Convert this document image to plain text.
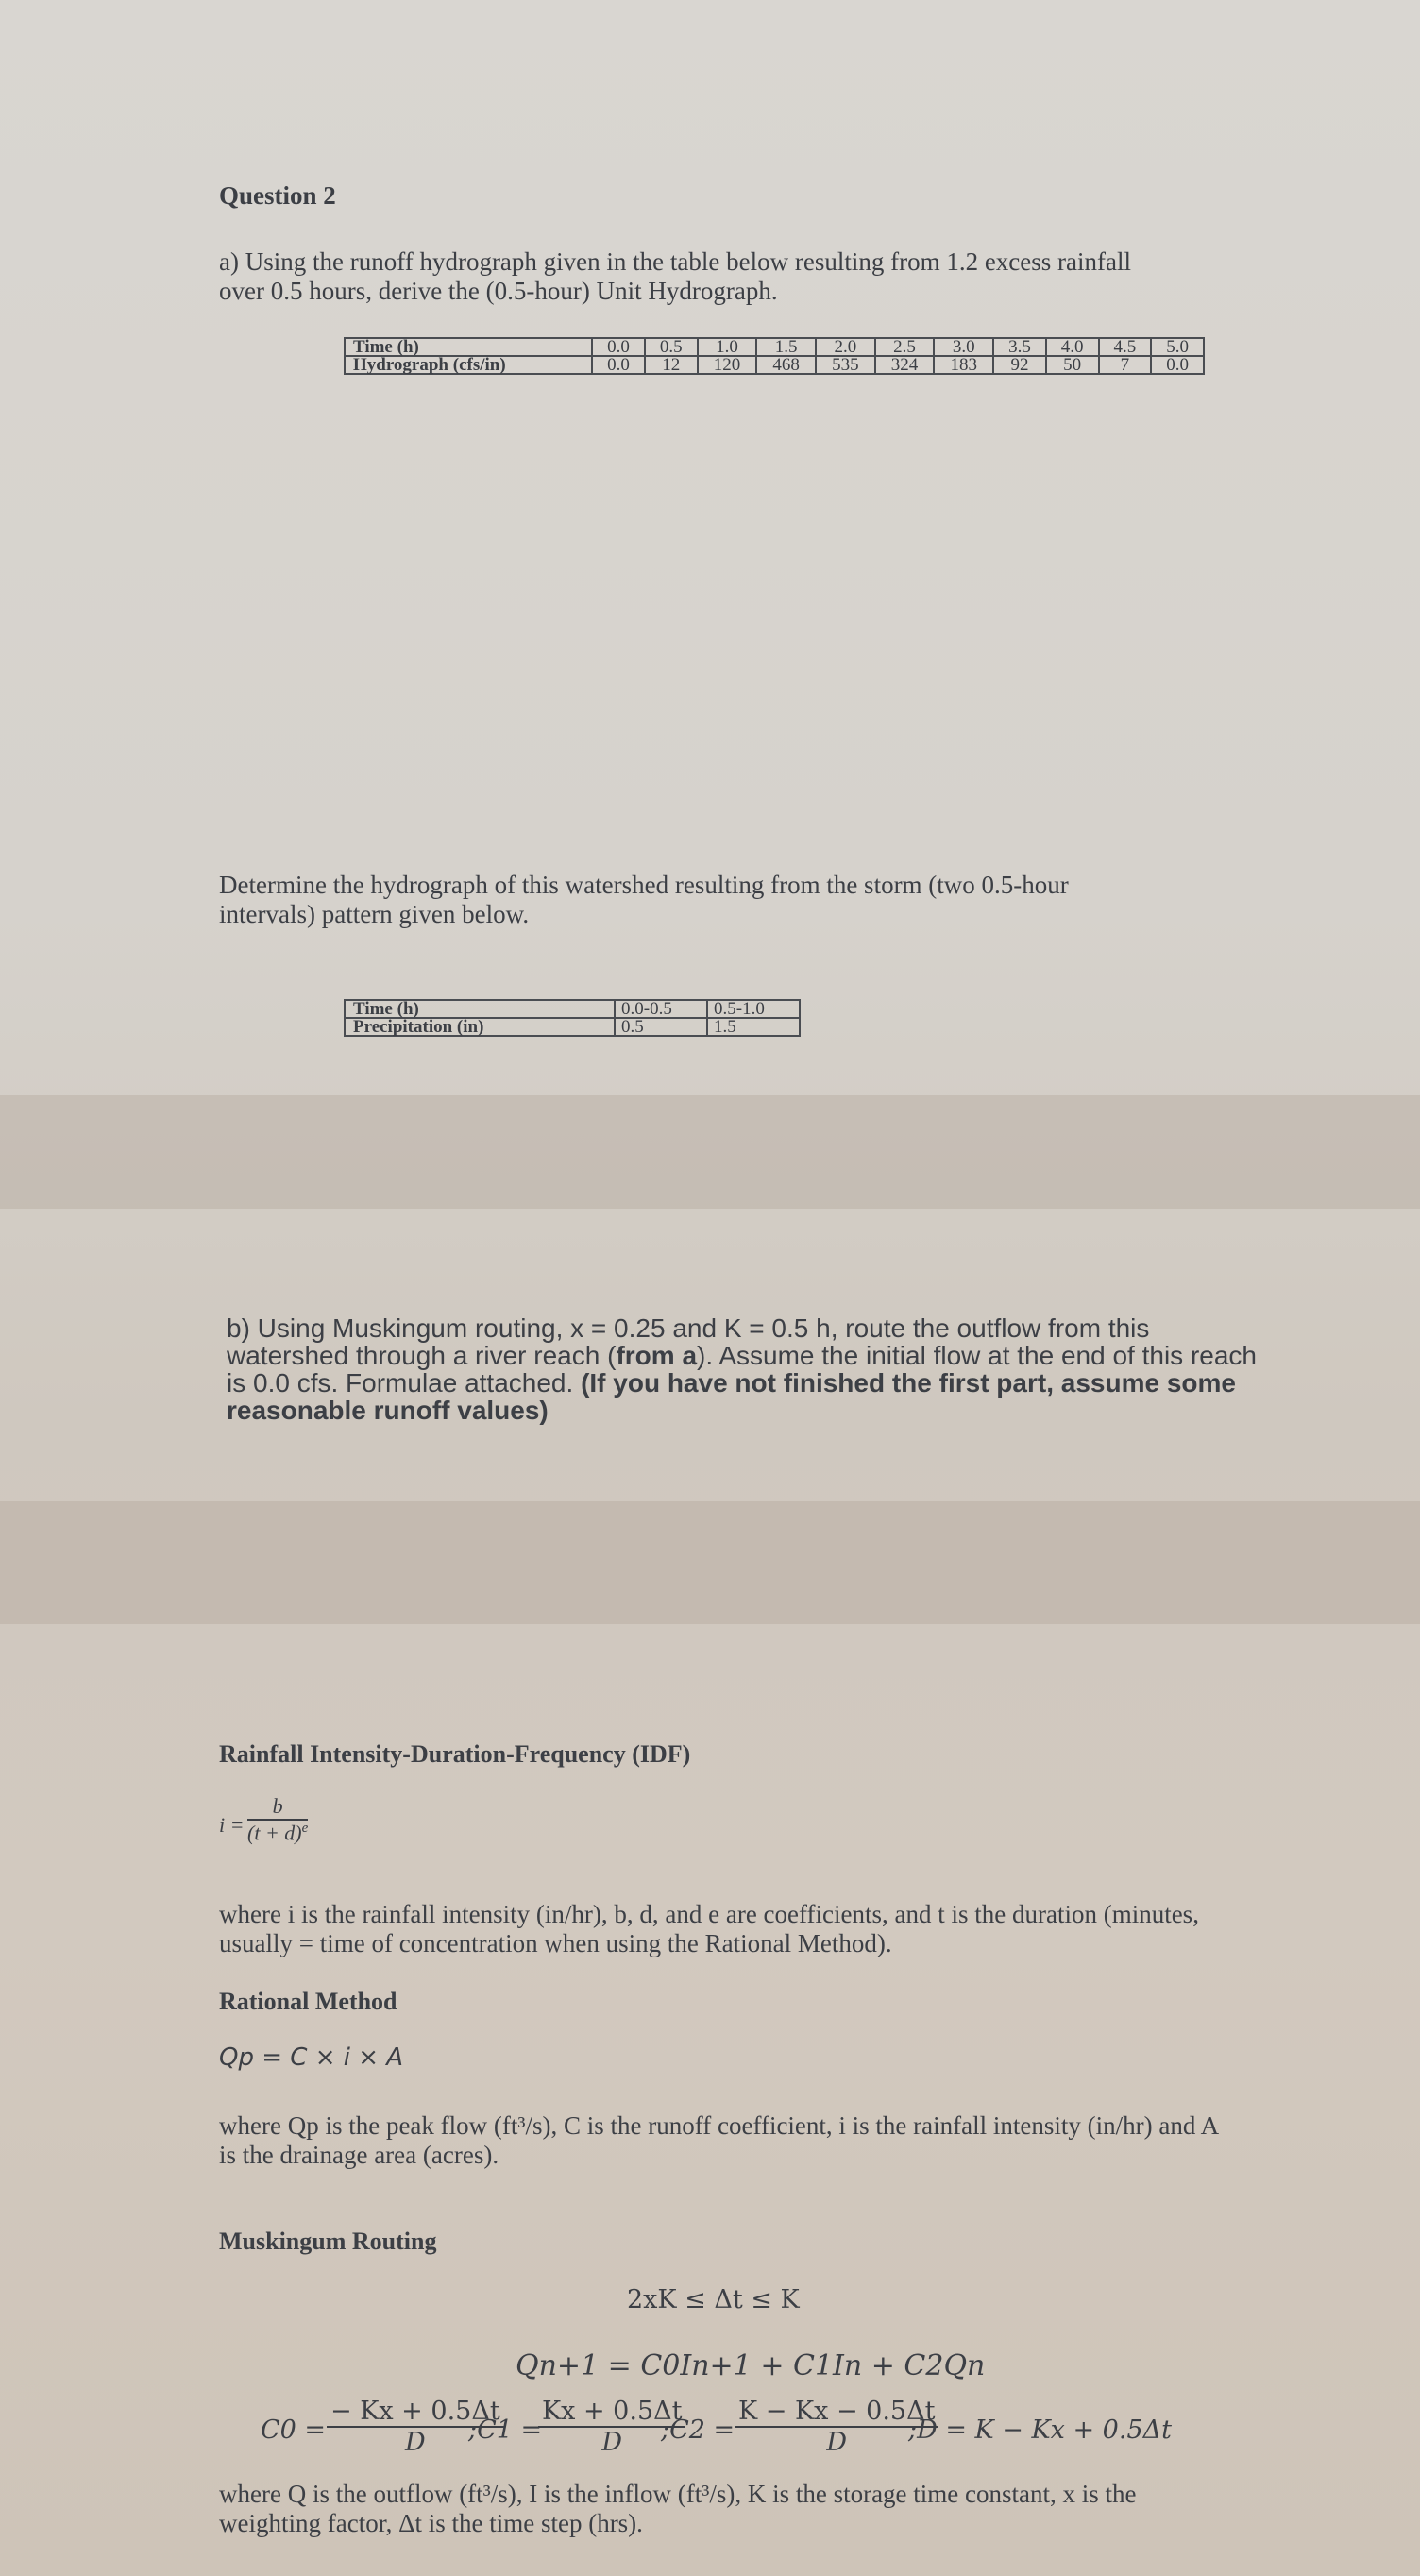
Question 2
a) Using the runoff hydrograph given in the table below resulting from 1.2 excess rainfall
over 0.5 hours, derive the (0.5-hour) Unit Hydrograph.
Time (h)	0.0	0.5	1.0	1.5	2.0	2.5	3.0	3.5	4.0	4.5	5.0
Hydrograph (cfs/in)	0.0	12	120	468	535	324	183	92	50	7	0.0
Determine the hydrograph of this watershed resulting from the storm (two 0.5-hour
intervals) pattern given below.
Time (h)	0.0-0.5	0.5-1.0
Precipitation (in)	0.5	1.5
b) Using Muskingum routing, x = 0.25 and K = 0.5 h, route the outflow from this
watershed through a river reach (from a). Assume the initial flow at the end of this reach
is 0.0 cfs. Formulae attached. (If you have not finished the first part, assume some
reasonable runoff values)
Rainfall Intensity-Duration-Frequency (IDF)
$i = \frac{b}{(t + d)^e}$
where i is the rainfall intensity (in/hr), b, d, and e are coefficients, and t is the duration (minutes,
usually = time of concentration when using the Rational Method).
Rational Method
Qp = C × i × A
where Qp is the peak flow (ft³/s), C is the runoff coefficient, i is the rainfall intensity (in/hr) and A
is the drainage area (acres).
Muskingum Routing
2xK ≤ Δt ≤ K
Qn+1 = C0In+1 + C1In + C2Qn
$C0 = \frac{- Kx + 0.5\Delta t}{D}$
;C1 =
$\frac{Kx + 0.5\Delta t}{D}$
;C2 = $\frac{K - Kx - 0.5\Delta t}{D}$
;D = K − Kx + 0.5Δt
where Q is the outflow (ft³/s), I is the inflow (ft³/s), K is the storage time constant, x is the
weighting factor, Δt is the time step (hrs).
